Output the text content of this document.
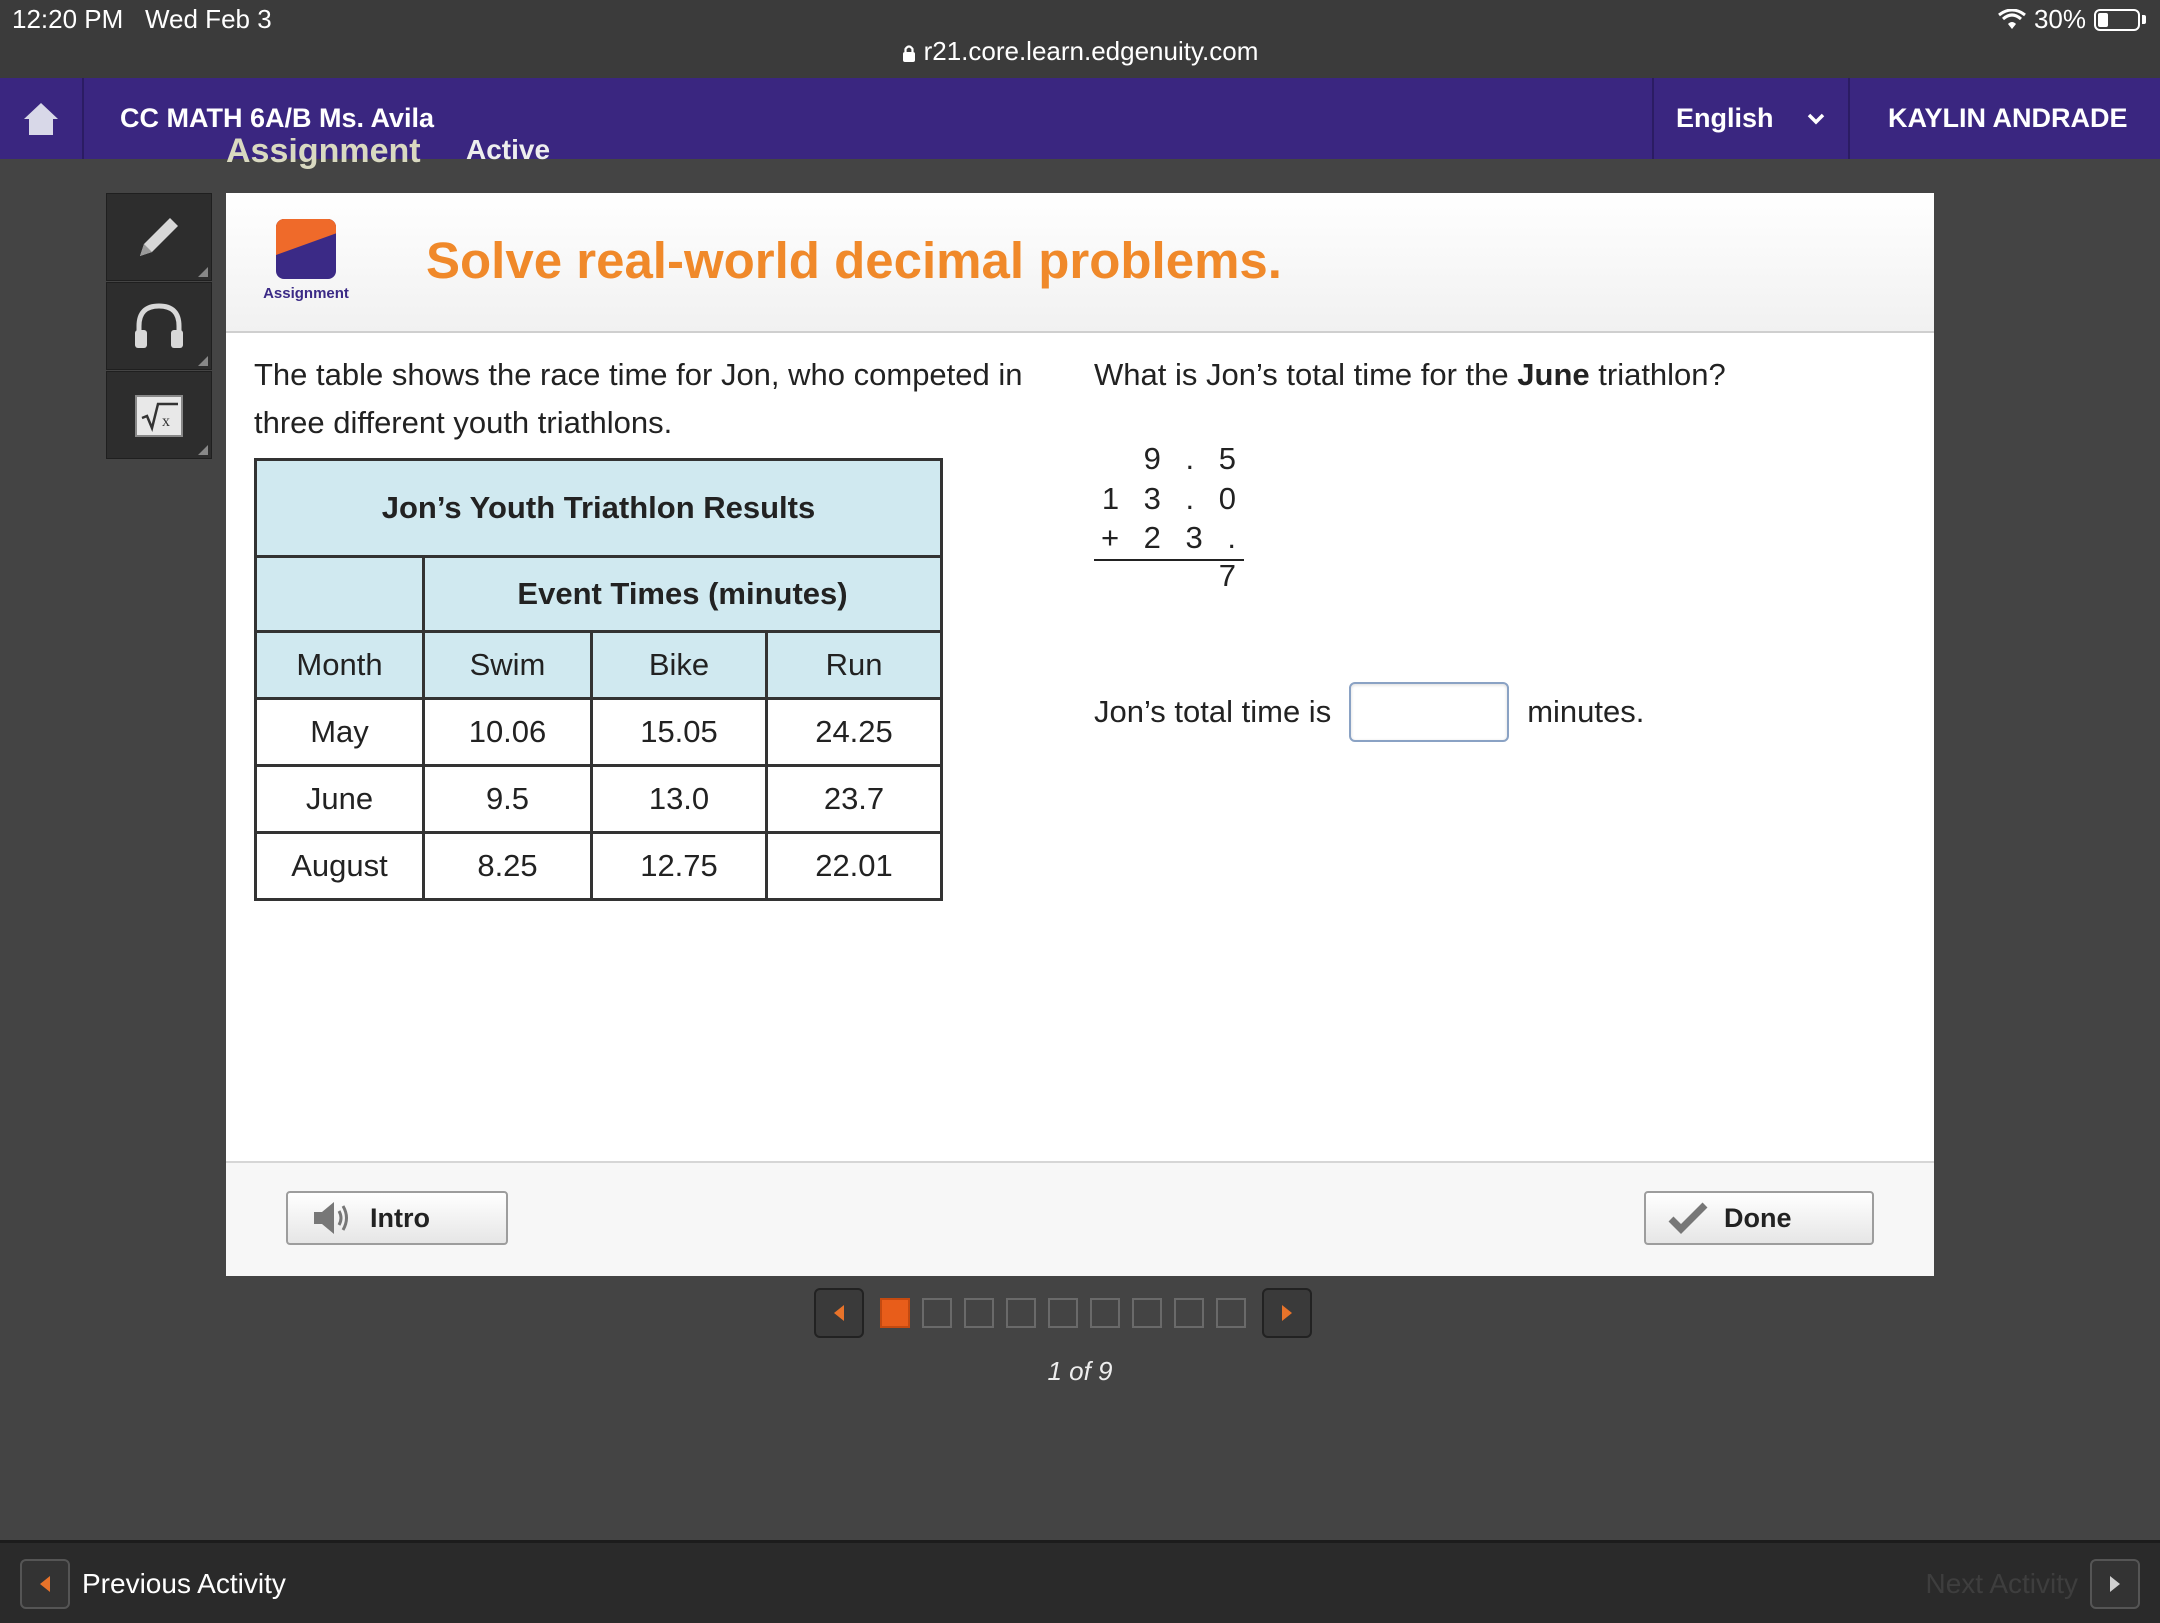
12:20 PM Wed Feb 3	30%
r21.core.learn.edgenuity.com
CC MATH 6A/B Ms. Avila	English	KAYLIN ANDRADE
Assignment Active
x
Assignment
Solve real-world decimal problems.
The table shows the race time for Jon, who competed in three different youth triathlons.
Jon’s Youth Triathlon Results			
	Event Times (minutes)		
Month	Swim	Bike	Run
May	10.06	15.05	24.25
June	9.5	13.0	23.7
August	8.25	12.75	22.01
What is Jon’s total time for the June triathlon?
9 . 5
1 3 . 0
+ 2 3 . 7
Jon’s total time is	minutes.
Intro	Done
1 of 9
Previous Activity	Next Activity
